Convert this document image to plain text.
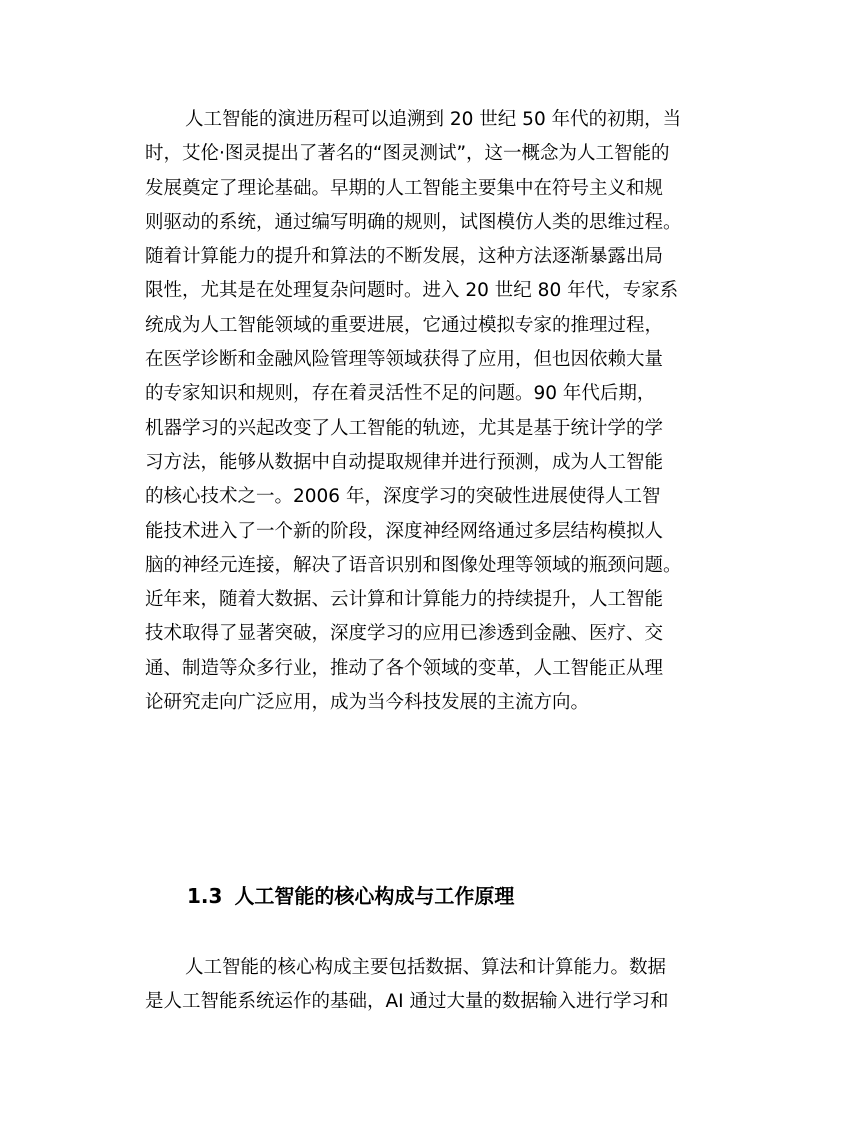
人工智能的演进历程可以追溯到 20 世纪 50 年代的初期，当
时，艾伦·图灵提出了著名的“图灵测试”，这一概念为人工智能的
发展奠定了理论基础。早期的人工智能主要集中在符号主义和规
则驱动的系统，通过编写明确的规则，试图模仿人类的思维过程。
随着计算能力的提升和算法的不断发展，这种方法逐渐暴露出局
限性，尤其是在处理复杂问题时。进入 20 世纪 80 年代，专家系
统成为人工智能领域的重要进展，它通过模拟专家的推理过程，
在医学诊断和金融风险管理等领域获得了应用，但也因依赖大量
的专家知识和规则，存在着灵活性不足的问题。90 年代后期，
机器学习的兴起改变了人工智能的轨迹，尤其是基于统计学的学
习方法，能够从数据中自动提取规律并进行预测，成为人工智能
的核心技术之一。2006 年，深度学习的突破性进展使得人工智
能技术进入了一个新的阶段，深度神经网络通过多层结构模拟人
脑的神经元连接，解决了语音识别和图像处理等领域的瓶颈问题。
近年来，随着大数据、云计算和计算能力的持续提升，人工智能
技术取得了显著突破，深度学习的应用已渗透到金融、医疗、交
通、制造等众多行业，推动了各个领域的变革，人工智能正从理
论研究走向广泛应用，成为当今科技发展的主流方向。
1.3 人工智能的核心构成与工作原理
人工智能的核心构成主要包括数据、算法和计算能力。数据
是人工智能系统运作的基础，AI 通过大量的数据输入进行学习和
